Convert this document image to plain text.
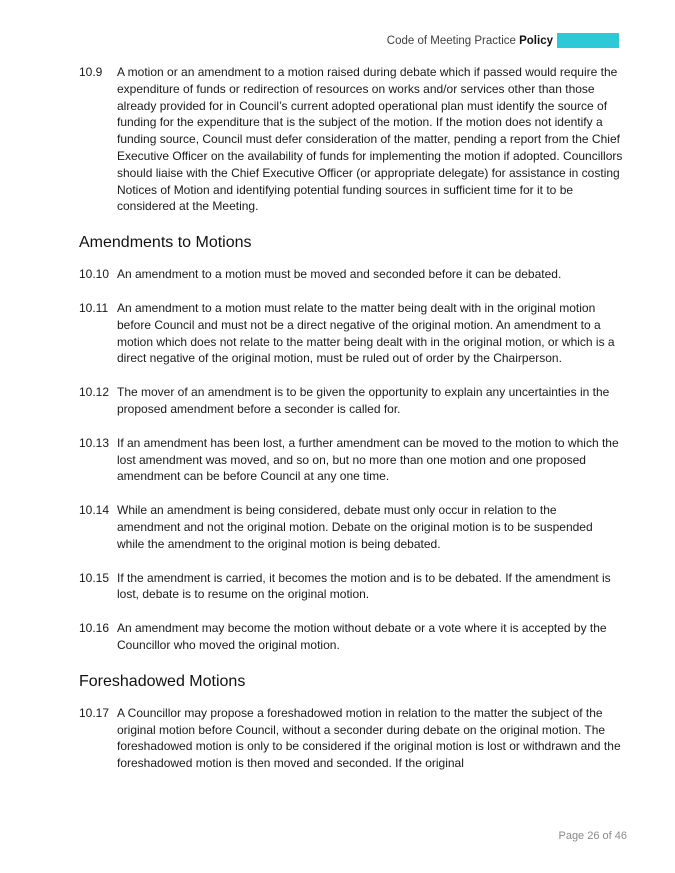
Code of Meeting Practice Policy
10.9	A motion or an amendment to a motion raised during debate which if passed would require the expenditure of funds or redirection of resources on works and/or services other than those already provided for in Council’s current adopted operational plan must identify the source of funding for the expenditure that is the subject of the motion. If the motion does not identify a funding source, Council must defer consideration of the matter, pending a report from the Chief Executive Officer on the availability of funds for implementing the motion if adopted. Councillors should liaise with the Chief Executive Officer (or appropriate delegate) for assistance in costing Notices of Motion and identifying potential funding sources in sufficient time for it to be considered at the Meeting.
Amendments to Motions
10.10 An amendment to a motion must be moved and seconded before it can be debated.
10.11 An amendment to a motion must relate to the matter being dealt with in the original motion before Council and must not be a direct negative of the original motion. An amendment to a motion which does not relate to the matter being dealt with in the original motion, or which is a direct negative of the original motion, must be ruled out of order by the Chairperson.
10.12 The mover of an amendment is to be given the opportunity to explain any uncertainties in the proposed amendment before a seconder is called for.
10.13 If an amendment has been lost, a further amendment can be moved to the motion to which the lost amendment was moved, and so on, but no more than one motion and one proposed amendment can be before Council at any one time.
10.14 While an amendment is being considered, debate must only occur in relation to the amendment and not the original motion. Debate on the original motion is to be suspended while the amendment to the original motion is being debated.
10.15 If the amendment is carried, it becomes the motion and is to be debated. If the amendment is lost, debate is to resume on the original motion.
10.16 An amendment may become the motion without debate or a vote where it is accepted by the Councillor who moved the original motion.
Foreshadowed Motions
10.17 A Councillor may propose a foreshadowed motion in relation to the matter the subject of the original motion before Council, without a seconder during debate on the original motion. The foreshadowed motion is only to be considered if the original motion is lost or withdrawn and the foreshadowed motion is then moved and seconded. If the original
Page 26 of 46
